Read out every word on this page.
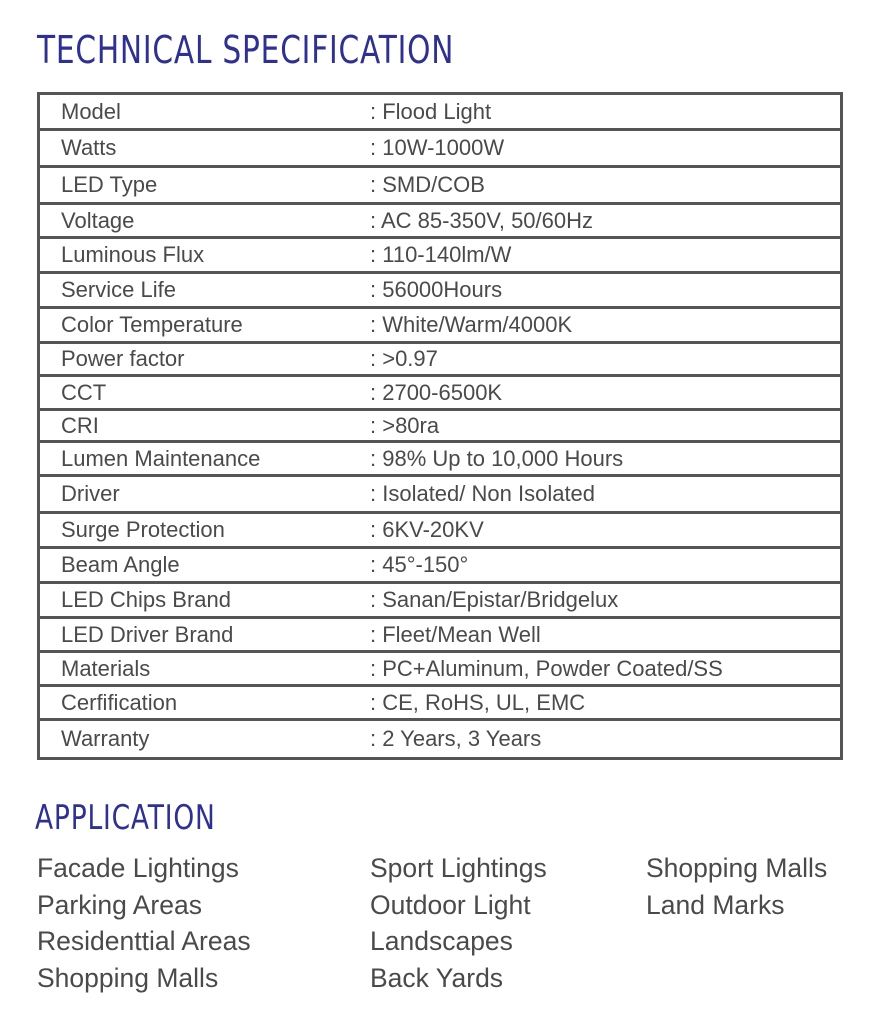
TECHNICAL SPECIFICATION
Model	: Flood Light
Watts	: 10W-1000W
LED Type	: SMD/COB
Voltage	: AC 85-350V, 50/60Hz
Luminous Flux	: 110-140lm/W
Service Life	: 56000Hours
Color Temperature	: White/Warm/4000K
Power factor	: >0.97
CCT	: 2700-6500K
CRI	: >80ra
Lumen Maintenance	: 98% Up to 10,000 Hours
Driver	: Isolated/ Non Isolated
Surge Protection	: 6KV-20KV
Beam Angle	: 45°-150°
LED Chips Brand	: Sanan/Epistar/Bridgelux
LED Driver Brand	: Fleet/Mean Well
Materials	: PC+Aluminum, Powder Coated/SS
Cerfification	: CE, RoHS, UL, EMC
Warranty	: 2 Years, 3 Years
APPLICATION
Facade Lightings
Parking Areas
Residenttial Areas
Shopping Malls
Sport Lightings
Outdoor Light
Landscapes
Back Yards
Shopping Malls
Land Marks
